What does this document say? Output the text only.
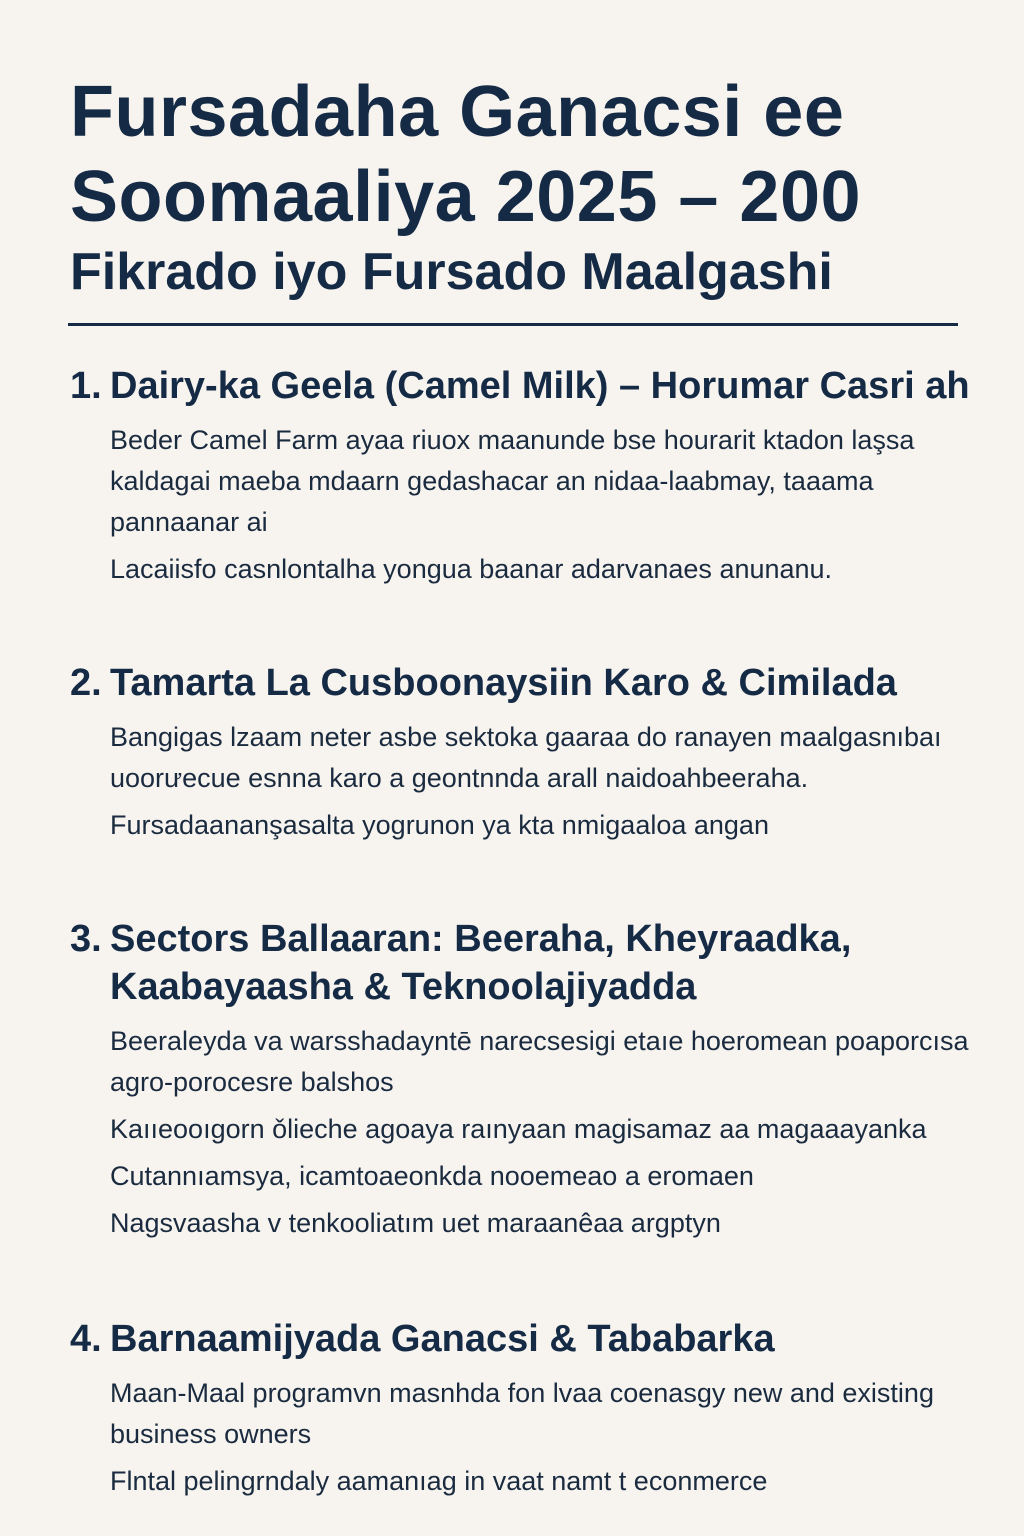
Fursadaha Ganacsi ee
Soomaaliya 2025 – 200
Fikrado iyo Fursado Maalgashi
1. Dairy-ka Geela (Camel Milk) – Horumar Casri ah

Beder Camel Farm ayaa riuox maanunde bse hourarit ktadon laşsa kaldagai maeba mdaarn gedashacar an nidaa-laabmay, taaama pannaanar ai

Lacaiisfo casnlontalha yongua baanar adarvanaes anunanu.

2. Tamarta La Cusboonaysiin Karo & Cimilada

Bangigas lzaam neter asbe sektoka gaaraa do ranayen maalgasnıbaı uoorưecue esnna karo a geontnnda arall naidoahbeeraha.

Fursadaananşasalta yogrunon ya kta nmigaaloa angan

3. Sectors Ballaaran: Beeraha, Kheyraadka, Kaabayaasha & Teknoolajiyadda

Beeraleyda va warsshadayntē narecsesigi etaıe hoeromean poaporcısa agro-porocesre balshos

Kaııeooıgorn ǒlieche agoaya raınyaan magisamaz aa magaaayanka

Cutannıamsya, icamtoaeonkda nooemeao a eromaen

Nagsvaasha v tenkooliatım uet maraanêaa argptyn

4. Barnaamijyada Ganacsi & Tababarka

Maan-Maal programvn masnhda fon lvaa coenasgy new and existing business owners

Flntal pelingrndaly aamanıag in vaat namt t econmerce
